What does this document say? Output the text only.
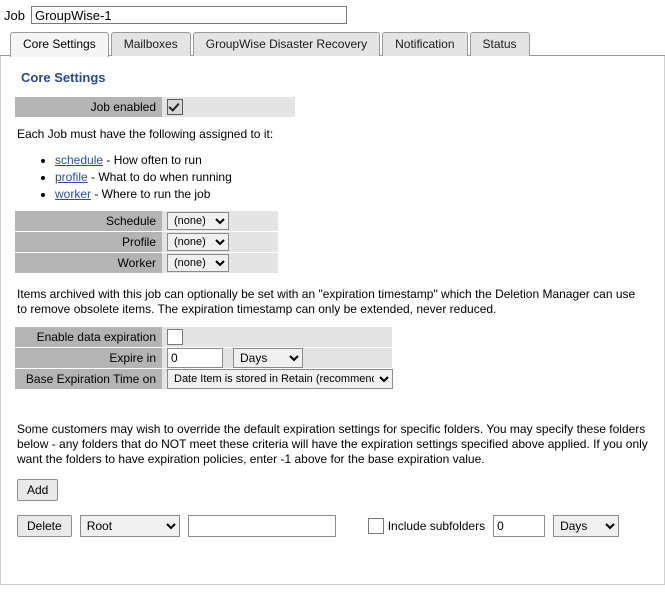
Job
GroupWise-1
Core Settings	Mailboxes	GroupWise Disaster Recovery	Notification	Status
Core Settings
Job enabled
Each Job must have the following assigned to it:
• schedule - How often to run
• profile - What to do when running
• worker - Where to run the job
Schedule
(none)
Profile
(none)
Worker
(none)
Items archived with this job can optionally be set with an "expiration timestamp" which the Deletion Manager can use to remove obsolete items. The expiration timestamp can only be extended, never reduced.
Enable data expiration
Expire in
0
Days
Base Expiration Time on
Date Item is stored in Retain (recommended)
Some customers may wish to override the default expiration settings for specific folders. You may specify these folders below - any folders that do NOT meet these criteria will have the expiration settings specified above applied. If you only want the folders to have expiration policies, enter -1 above for the base expiration value.
Add
Delete
Root	Include subfolders
0
Days
